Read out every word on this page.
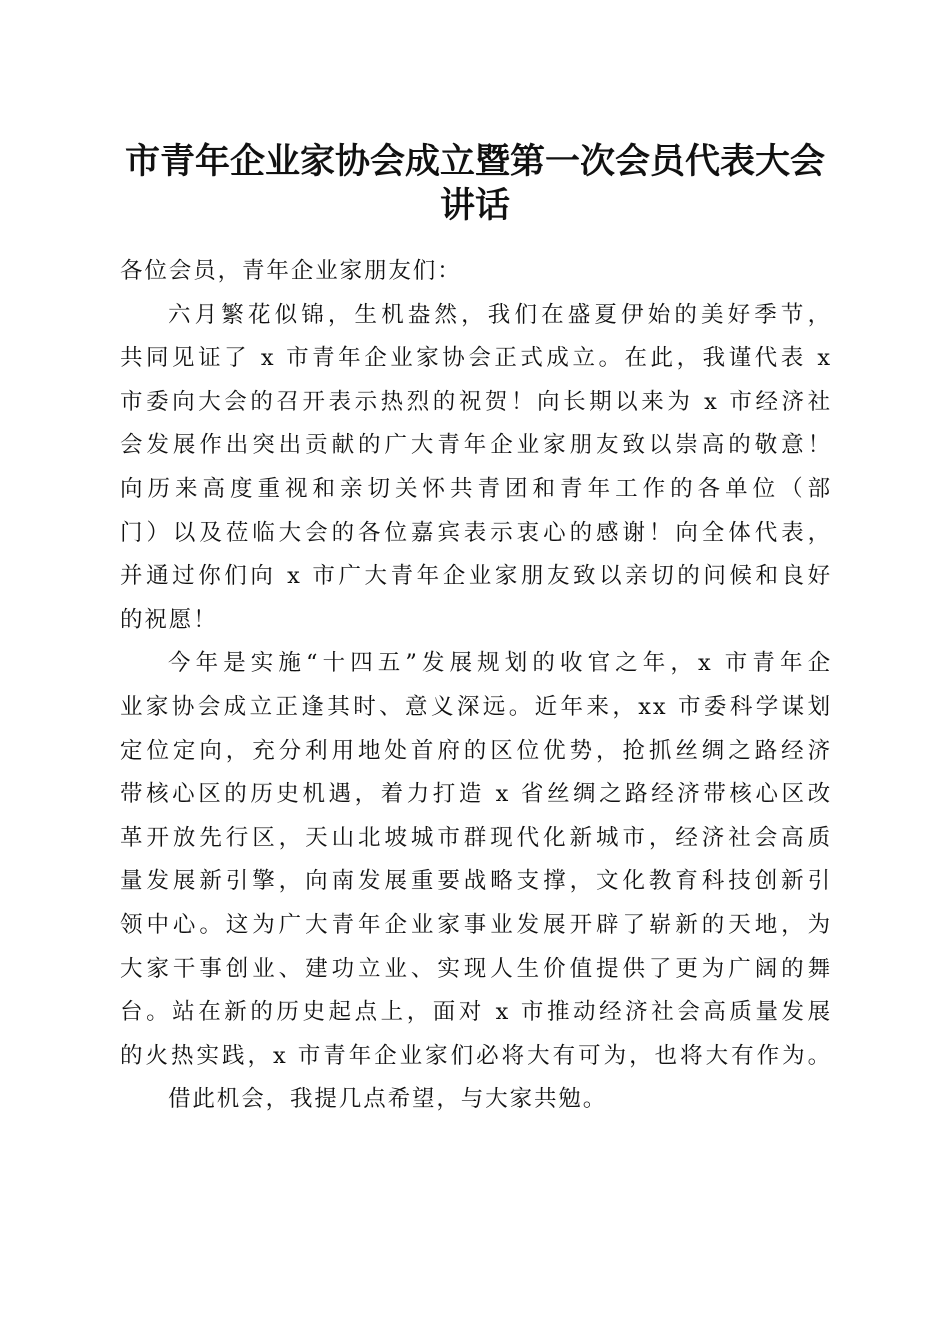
市青年企业家协会成立暨第一次会员代表大会
讲话
各位会员，青年企业家朋友们：
六月繁花似锦，生机盎然，我们在盛夏伊始的美好季节，
共同见证了 x 市青年企业家协会正式成立。在此，我谨代表 x
市委向大会的召开表示热烈的祝贺！向长期以来为 x 市经济社
会发展作出突出贡献的广大青年企业家朋友致以崇高的敬意！
向历来高度重视和亲切关怀共青团和青年工作的各单位（部
门）以及莅临大会的各位嘉宾表示衷心的感谢！向全体代表，
并通过你们向 x 市广大青年企业家朋友致以亲切的问候和良好
的祝愿！
今年是实施“十四五”发展规划的收官之年，x 市青年企
业家协会成立正逢其时、意义深远。近年来，xx 市委科学谋划
定位定向，充分利用地处首府的区位优势，抢抓丝绸之路经济
带核心区的历史机遇，着力打造 x 省丝绸之路经济带核心区改
革开放先行区，天山北坡城市群现代化新城市，经济社会高质
量发展新引擎，向南发展重要战略支撑，文化教育科技创新引
领中心。这为广大青年企业家事业发展开辟了崭新的天地，为
大家干事创业、建功立业、实现人生价值提供了更为广阔的舞
台。站在新的历史起点上，面对 x 市推动经济社会高质量发展
的火热实践，x 市青年企业家们必将大有可为，也将大有作为。
借此机会，我提几点希望，与大家共勉。
